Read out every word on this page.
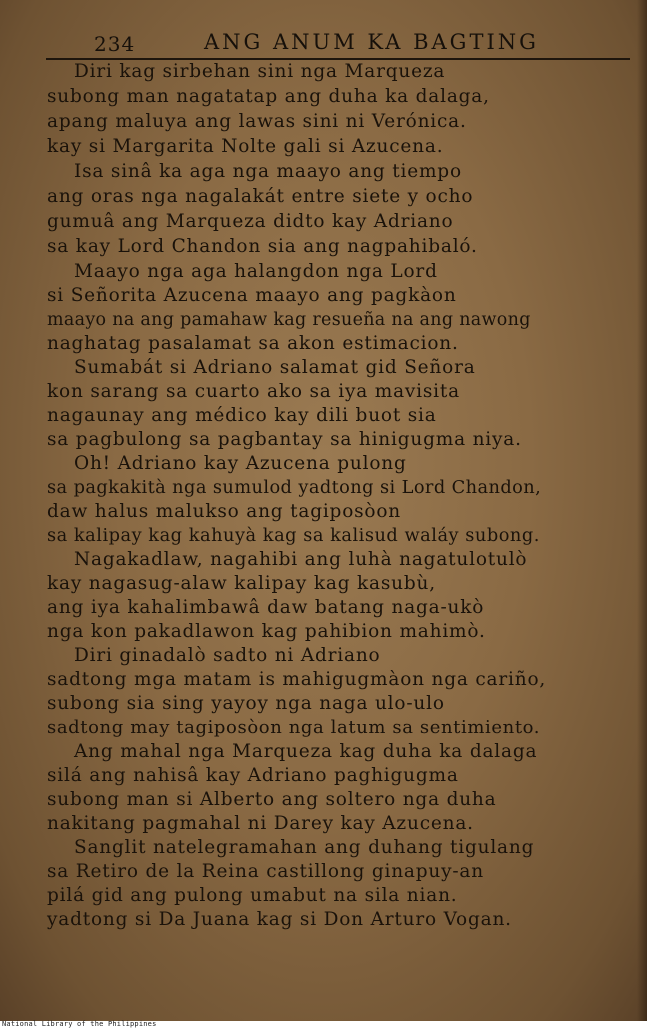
234	ANG ANUM KA BAGTING
Diri kag sirbehan sini nga Marqueza
subong man nagatatap ang duha ka dalaga,
apang maluya ang lawas sini ni Verónica.
kay si Margarita Nolte gali si Azucena.
Isa sinâ ka aga nga maayo ang tiempo
ang oras nga nagalakát entre siete y ocho
gumuâ ang Marqueza didto kay Adriano
sa kay Lord Chandon sia ang nagpahibaló.
Maayo nga aga halangdon nga Lord
si Señorita Azucena maayo ang pagkàon
maayo na ang pamahaw kag resueña na ang nawong
naghatag pasalamat sa akon estimacion.
Sumabát si Adriano salamat gid Señora
kon sarang sa cuarto ako sa iya mavisita
nagaunay ang médico kay dili buot sia
sa pagbulong sa pagbantay sa hinigugma niya.
Oh! Adriano kay Azucena pulong
sa pagkakità nga sumulod yadtong si Lord Chandon,
daw halus malukso ang tagiposòon
sa kalipay kag kahuyà kag sa kalisud waláy subong.
Nagakadlaw, nagahibi ang luhà nagatulotulò
kay nagasug-alaw kalipay kag kasubù,
ang iya kahalimbawâ daw batang naga-ukò
nga kon pakadlawon kag pahibion mahimò.
Diri ginadalò sadto ni Adriano
sadtong mga matam is mahigugmàon nga cariño,
subong sia sing yayoy nga naga ulo-ulo
sadtong may tagiposòon nga latum sa sentimiento.
Ang mahal nga Marqueza kag duha ka dalaga
silá ang nahisâ kay Adriano paghigugma
subong man si Alberto ang soltero nga duha
nakitang pagmahal ni Darey kay Azucena.
Sanglit natelegramahan ang duhang tigulang
sa Retiro de la Reina castillong ginapuy-an
pilá gid ang pulong umabut na sila nian.
yadtong si Da Juana kag si Don Arturo Vogan.
National Library of the Philippines
